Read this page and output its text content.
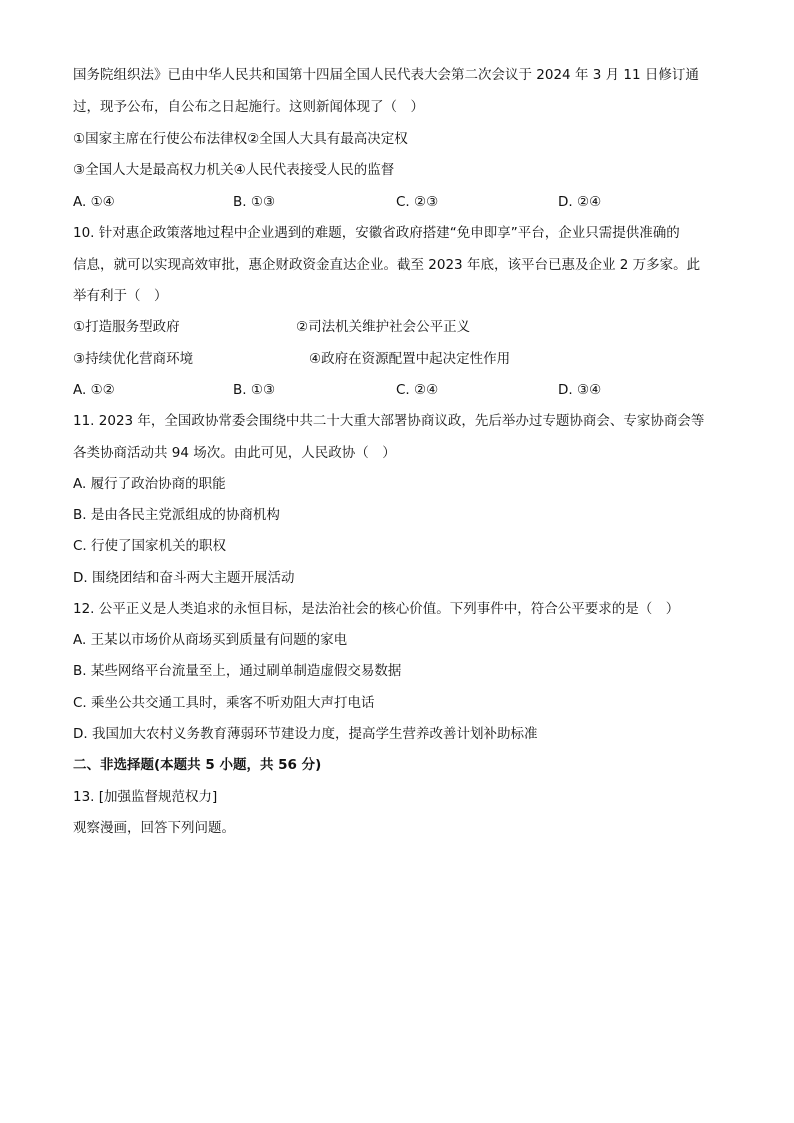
国务院组织法》已由中华人民共和国第十四届全国人民代表大会第二次会议于 2024 年 3 月 11 日修订通
过，现予公布，自公布之日起施行。这则新闻体现了（　）
①国家主席在行使公布法律权②全国人大具有最高决定权
③全国人大是最高权力机关④人民代表接受人民的监督
A. ①④	B. ①③	C. ②③	D. ②④
10. 针对惠企政策落地过程中企业遇到的难题，安徽省政府搭建“免申即享”平台，企业只需提供准确的
信息，就可以实现高效审批，惠企财政资金直达企业。截至 2023 年底，该平台已惠及企业 2 万多家。此
举有利于（　）
①打造服务型政府	②司法机关维护社会公平正义
③持续优化营商环境	④政府在资源配置中起决定性作用
A. ①②	B. ①③	C. ②④	D. ③④
11. 2023 年，全国政协常委会围绕中共二十大重大部署协商议政，先后举办过专题协商会、专家协商会等
各类协商活动共 94 场次。由此可见，人民政协（　）
A. 履行了政治协商的职能
B. 是由各民主党派组成的协商机构
C. 行使了国家机关的职权
D. 围绕团结和奋斗两大主题开展活动
12. 公平正义是人类追求的永恒目标，是法治社会的核心价值。下列事件中，符合公平要求的是（　）
A. 王某以市场价从商场买到质量有问题的家电
B. 某些网络平台流量至上，通过刷单制造虚假交易数据
C. 乘坐公共交通工具时，乘客不听劝阻大声打电话
D. 我国加大农村义务教育薄弱环节建设力度，提高学生营养改善计划补助标准
二、非选择题(本题共 5 小题，共 56 分)
13. [加强监督规范权力]
观察漫画，回答下列问题。
